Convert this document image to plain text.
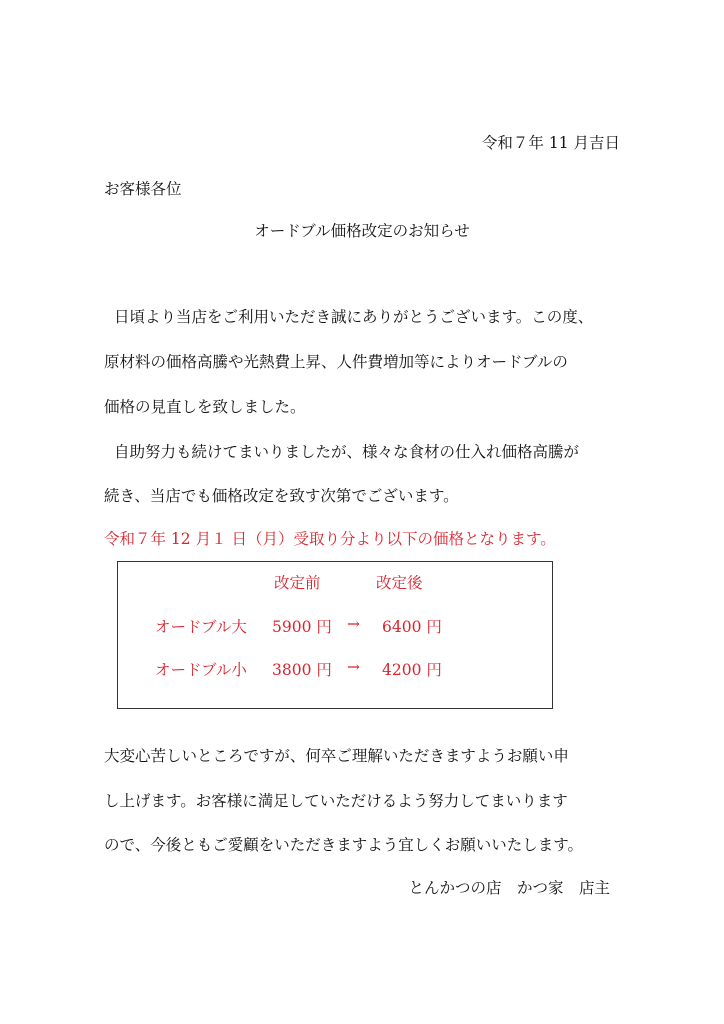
令和７年 11 月吉日
お客様各位
オードブル価格改定のお知らせ
日頃より当店をご利用いただき誠にありがとうございます。この度、
原材料の価格高騰や光熱費上昇、人件費増加等によりオードブルの
価格の見直しを致しました。
自助努力も続けてまいりましたが、様々な食材の仕入れ価格高騰が
続き、当店でも価格改定を致す次第でございます。
令和７年 12 月１ 日（月）受取り分より以下の価格となります。
改定前	改定後
オードブル大 5900 円 → 6400 円
オードブル小 3800 円 → 4200 円
大変心苦しいところですが、何卒ご理解いただきますようお願い申
し上げます。お客様に満足していただけるよう努力してまいります
ので、今後ともご愛顧をいただきますよう宜しくお願いいたします。
とんかつの店　かつ家　店主
